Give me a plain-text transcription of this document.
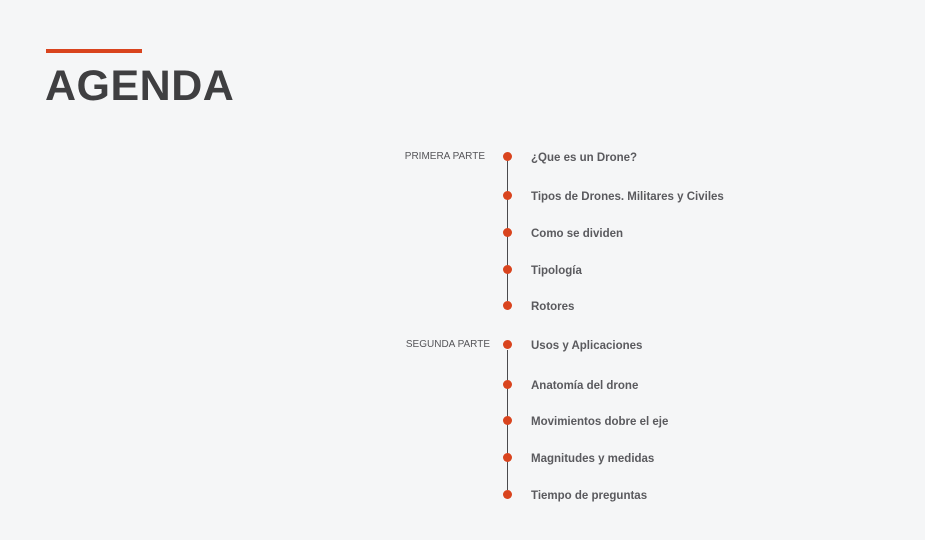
AGENDA
PRIMERA PARTE	¿Que es un Drone?
Tipos de Drones. Militares y Civiles
Como se dividen
Tipología
Rotores
SEGUNDA PARTE	Usos y Aplicaciones
Anatomía del drone
Movimientos dobre el eje
Magnitudes y medidas
Tiempo de preguntas
